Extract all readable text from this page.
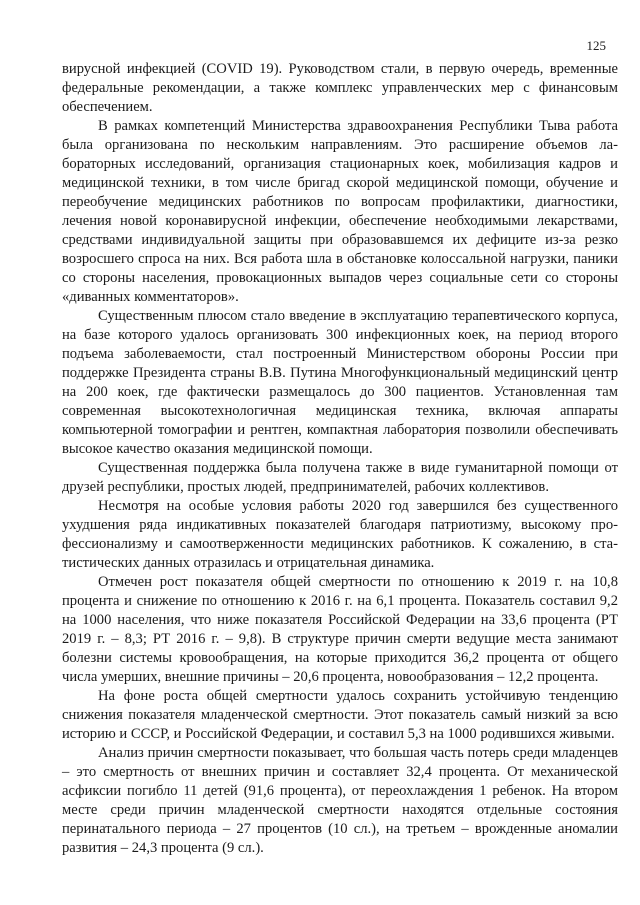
125

вирусной инфекцией (COVID 19). Руководством стали, в первую очередь, временные федеральные рекомендации, а также комплекс управленческих мер с финансовым обеспечением.

В рамках компетенций Министерства здравоохранения Республики Тыва работа была организована по нескольким направлениям. Это расширение объемов лабораторных исследований, организация стационарных коек, мобилизация кадров и медицинской техники, в том числе бригад скорой медицинской помощи, обучение и переобучение медицинских работников по вопросам профилактики, диагностики, лечения новой коронавирусной инфекции, обеспечение необходимыми лекарствами, средствами индивидуальной защиты при образовавшемся их дефиците из-за резко возросшего спроса на них. Вся работа шла в обстановке колоссальной нагрузки, паники со стороны населения, провокационных выпадов через социальные сети со стороны «диванных комментаторов».

Существенным плюсом стало введение в эксплуатацию терапевтического корпуса, на базе которого удалось организовать 300 инфекционных коек, на период второго подъема заболеваемости, стал построенный Министерством обороны России при поддержке Президента страны В.В. Путина Многофункциональный медицинский центр на 200 коек, где фактически размещалось до 300 пациентов. Установленная там современная высокотехнологичная медицинская техника, включая аппараты компьютерной томографии и рентген, компактная лаборатория позволили обеспечивать высокое качество оказания медицинской помощи.

Существенная поддержка была получена также в виде гуманитарной помощи от друзей республики, простых людей, предпринимателей, рабочих коллективов.

Несмотря на особые условия работы 2020 год завершился без существенного ухудшения ряда индикативных показателей благодаря патриотизму, высокому профессионализму и самоотверженности медицинских работников. К сожалению, в статистических данных отразилась и отрицательная динамика.

Отмечен рост показателя общей смертности по отношению к 2019 г. на 10,8 процента и снижение по отношению к 2016 г. на 6,1 процента. Показатель составил 9,2 на 1000 населения, что ниже показателя Российской Федерации на 33,6 процента (РТ 2019 г. – 8,3; РТ 2016 г. – 9,8). В структуре причин смерти ведущие места занимают болезни системы кровообращения, на которые приходится 36,2 процента от общего числа умерших, внешние причины – 20,6 процента, новообразования – 12,2 процента.

На фоне роста общей смертности удалось сохранить устойчивую тенденцию снижения показателя младенческой смертности. Этот показатель самый низкий за всю историю и СССР, и Российской Федерации, и составил 5,3 на 1000 родившихся живыми.

Анализ причин смертности показывает, что большая часть потерь среди младенцев – это смертность от внешних причин и составляет 32,4 процента. От механической асфиксии погибло 11 детей (91,6 процента), от переохлаждения 1 ребенок. На втором месте среди причин младенческой смертности находятся отдельные состояния перинатального периода – 27 процентов (10 сл.), на третьем – врожденные аномалии развития – 24,3 процента (9 сл.).
